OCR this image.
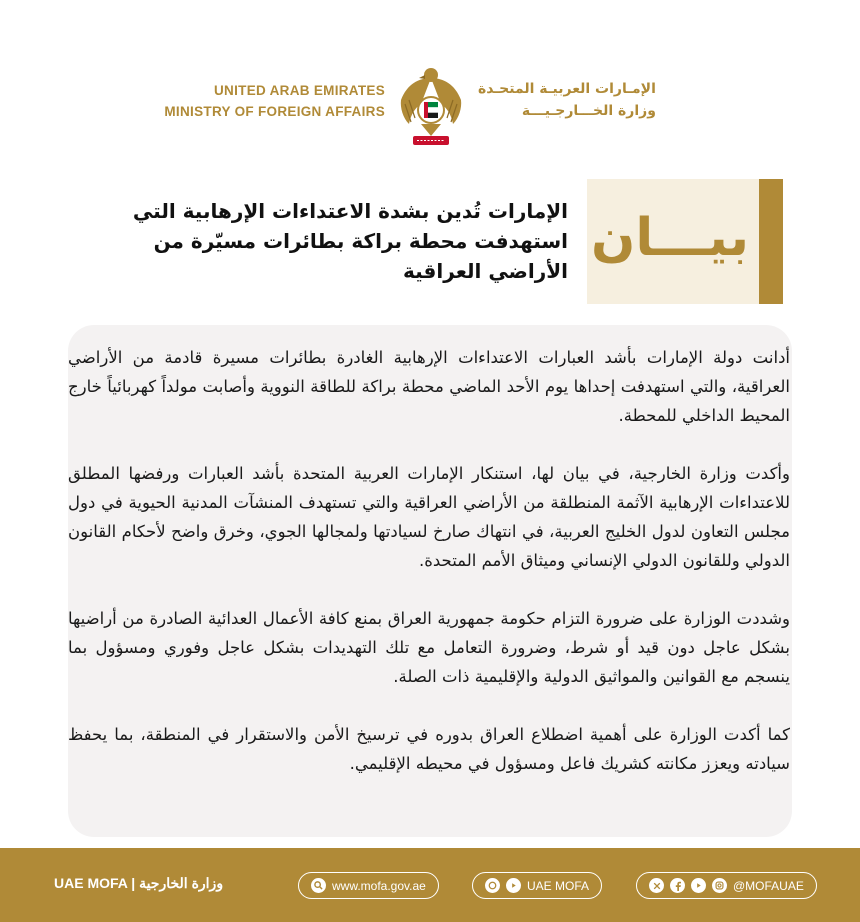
UNITED ARAB EMIRATES
MINISTRY OF FOREIGN AFFAIRS
الإمـارات العربيـة المتحـدة
وزارة الخـــارجـيـــة
الإمارات تُدين بشدة الاعتداءات الإرهابية التي
استهدفت محطة براكة بطائرات مسيّرة من
الأراضي العراقية
بيـــان

أدانت دولة الإمارات بأشد العبارات الاعتداءات الإرهابية الغادرة بطائرات مسيرة قادمة من الأراضي العراقية، والتي استهدفت إحداها يوم الأحد الماضي محطة براكة للطاقة النووية وأصابت مولداً كهربائياً خارج المحيط الداخلي للمحطة.

وأكدت وزارة الخارجية، في بيان لها، استنكار الإمارات العربية المتحدة بأشد العبارات ورفضها المطلق للاعتداءات الإرهابية الآثمة المنطلقة من الأراضي العراقية والتي تستهدف المنشآت المدنية الحيوية في دول مجلس التعاون لدول الخليج العربية، في انتهاك صارخ لسيادتها ولمجالها الجوي، وخرق واضح لأحكام القانون الدولي وللقانون الدولي الإنساني وميثاق الأمم المتحدة.

وشددت الوزارة على ضرورة التزام حكومة جمهورية العراق بمنع كافة الأعمال العدائية الصادرة من أراضيها بشكل عاجل دون قيد أو شرط، وضرورة التعامل مع تلك التهديدات بشكل عاجل وفوري ومسؤول بما ينسجم مع القوانين والمواثيق الدولية والإقليمية ذات الصلة.

كما أكدت الوزارة على أهمية اضطلاع العراق بدوره في ترسيخ الأمن والاستقرار في المنطقة، بما يحفظ سيادته ويعزز مكانته كشريك فاعل ومسؤول في محيطه الإقليمي.

UAE MOFA | وزارة الخارجية	www.mofa.gov.ae	UAE MOFA	@MOFAUAE
